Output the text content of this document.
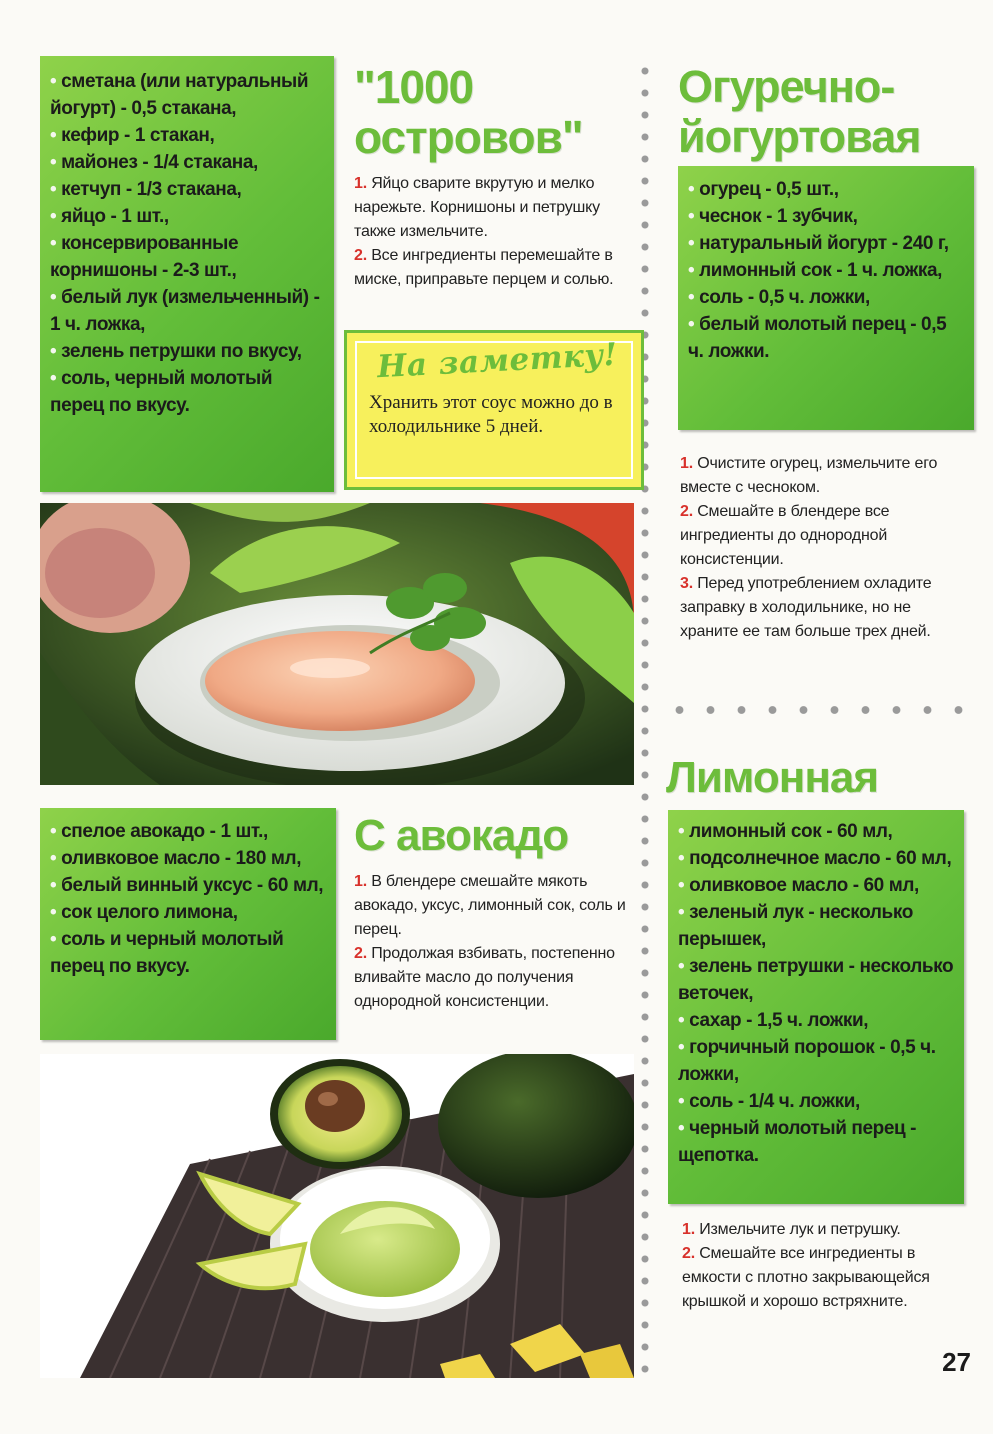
• сметана (или натуральный йогурт) - 0,5 стакана,
• кефир - 1 стакан,
• майонез - 1/4 стакана,
• кетчуп - 1/3 стакана,
• яйцо - 1 шт.,
• консервированные корнишоны - 2-3 шт.,
• белый лук (измельченный) - 1 ч. ложка,
• зелень петрушки по вкусу,
• соль, черный молотый перец по вкусу.
"1000
островов"

1. Яйцо сварите вкрутую и мелко нарежьте. Корнишоны и петрушку также измельчите.

2. Все ингредиенты перемешайте в миске, приправьте перцем и солью.

На заметку!
Хранить этот соус можно до в холодильнике 5 дней.
Огуречно-
йогуртовая
• огурец - 0,5 шт.,
• чеснок - 1 зубчик,
• натуральный йогурт - 240 г,
• лимонный сок - 1 ч. ложка,
• соль - 0,5 ч. ложки,
• белый молотый перец - 0,5 ч. ложки.

1. Очистите огурец, измельчите его вместе с чесноком.

2. Смешайте в блендере все ингредиенты до однородной консистенции.

3. Перед употреблением охладите заправку в холодильнике, но не храните ее там больше трех дней.

• спелое авокадо - 1 шт.,
• оливковое масло - 180 мл,
• белый винный уксус - 60 мл,
• сок целого лимона,
• соль и черный молотый перец по вкусу.
С авокадо

1. В блендере смешайте мякоть авокадо, уксус, лимонный сок, соль и перец.

2. Продолжая взбивать, постепенно вливайте масло до получения однородной консистенции.

Лимонная
• лимонный сок - 60 мл,
• подсолнечное масло - 60 мл,
• оливковое масло - 60 мл,
• зеленый лук - несколько перышек,
• зелень петрушки - несколько веточек,
• сахар - 1,5 ч. ложки,
• горчичный порошок - 0,5 ч. ложки,
• соль - 1/4 ч. ложки,
• черный молотый перец - щепотка.

1. Измельчите лук и петрушку.

2. Смешайте все ингредиенты в емкости с плотно закрывающейся крышкой и хорошо встряхните.

27
